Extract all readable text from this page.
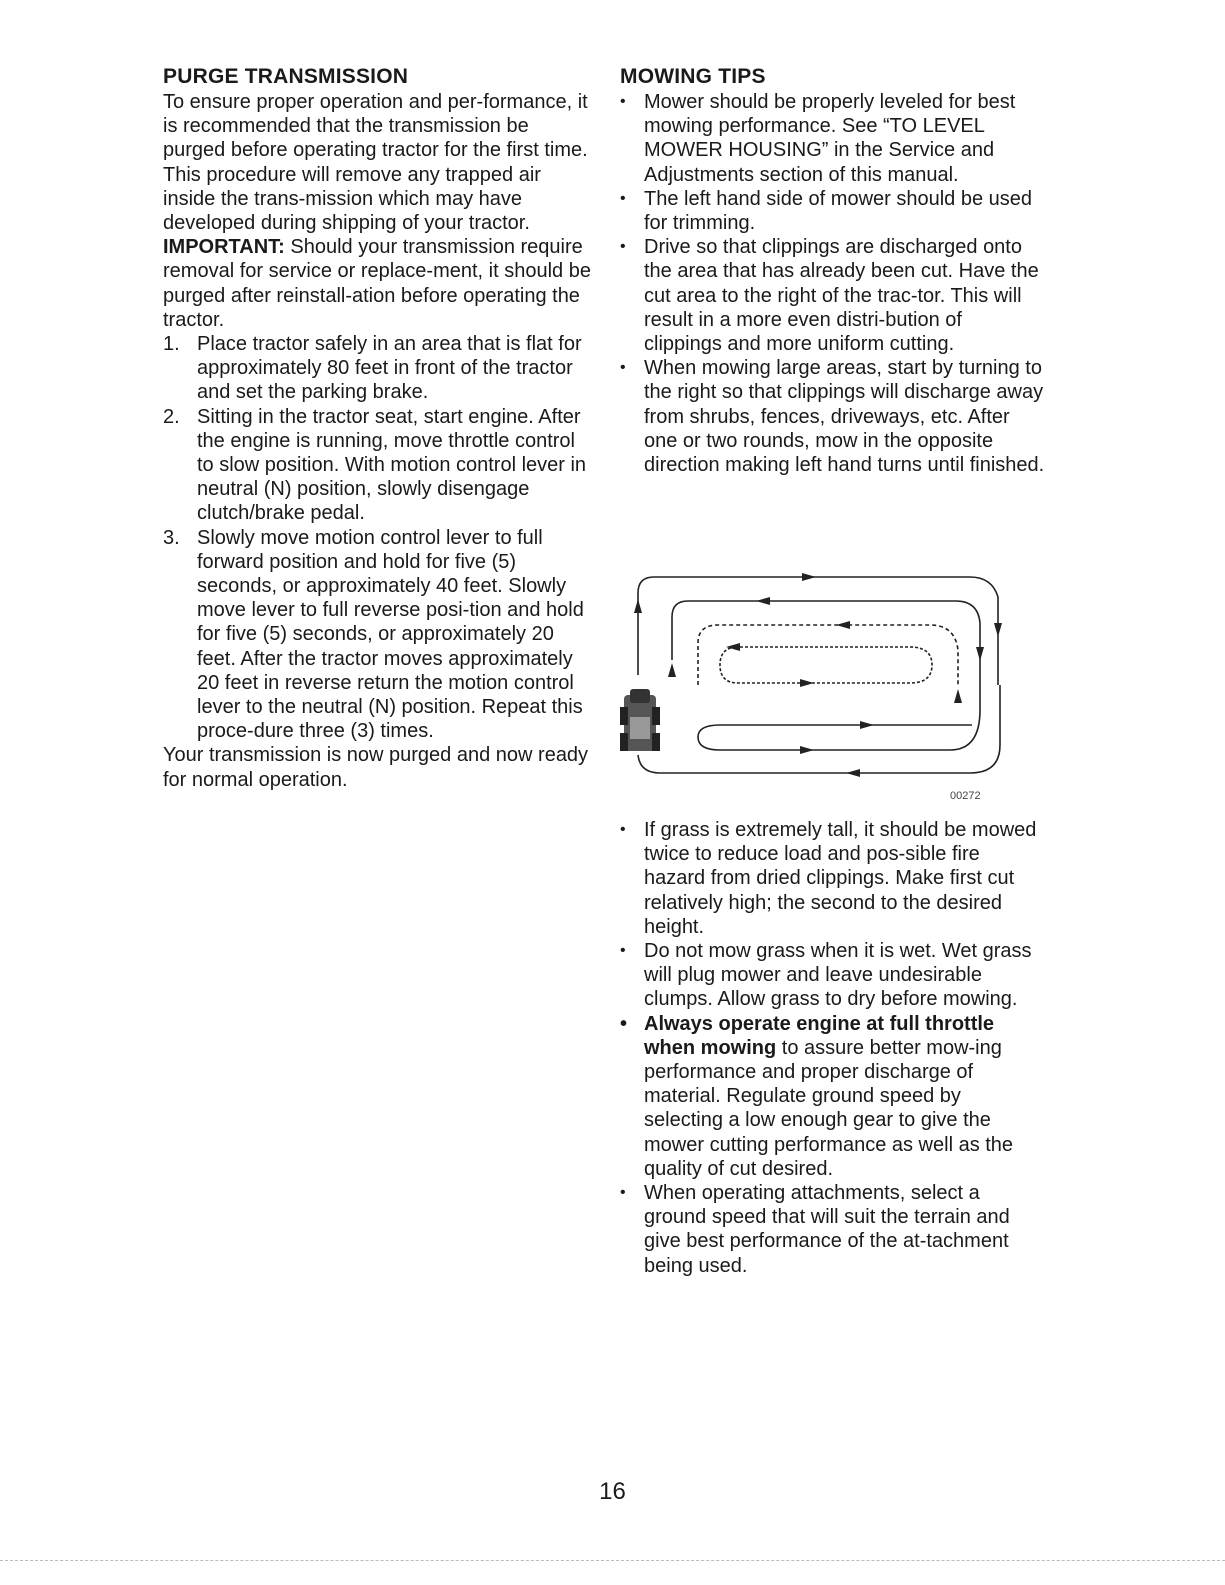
PURGE TRANSMISSION

To ensure proper operation and per-formance, it is recommended that the transmission be purged before operating tractor for the first time. This procedure will remove any trapped air inside the trans-mission which may have developed during shipping of your tractor.

IMPORTANT: Should your transmission require removal for service or replace-ment, it should be purged after reinstall-ation before operating the tractor.

1. Place tractor safely in an area that is flat for approximately 80 feet in front of the tractor and set the parking brake.
2. Sitting in the tractor seat, start engine. After the engine is running, move throttle control to slow position. With motion control lever in neutral (N) position, slowly disengage clutch/brake pedal.
3. Slowly move motion control lever to full forward position and hold for five (5) seconds, or approximately 40 feet. Slowly move lever to full reverse posi-tion and hold for five (5) seconds, or approximately 20 feet. After the tractor moves approximately 20 feet in reverse return the motion control lever to the neutral (N) position. Repeat this proce-dure three (3) times.

Your transmission is now purged and now ready for normal operation.

MOWING TIPS
• Mower should be properly leveled for best mowing performance. See “TO LEVEL MOWER HOUSING” in the Service and Adjustments section of this manual.
• The left hand side of mower should be used for trimming.
• Drive so that clippings are discharged onto the area that has already been cut. Have the cut area to the right of the trac-tor. This will result in a more even distri-bution of clippings and more uniform cutting.
• When mowing large areas, start by turning to the right so that clippings will discharge away from shrubs, fences, driveways, etc. After one or two rounds, mow in the opposite direction making left hand turns until finished.
00272
• If grass is extremely tall, it should be mowed twice to reduce load and pos-sible fire hazard from dried clippings. Make first cut relatively high; the second to the desired height.
• Do not mow grass when it is wet. Wet grass will plug mower and leave undesirable clumps. Allow grass to dry before mowing.
• Always operate engine at full throttle when mowing to assure better mow-ing performance and proper discharge of material. Regulate ground speed by selecting a low enough gear to give the mower cutting performance as well as the quality of cut desired.
• When operating attachments, select a ground speed that will suit the terrain and give best performance of the at-tachment being used.
16
